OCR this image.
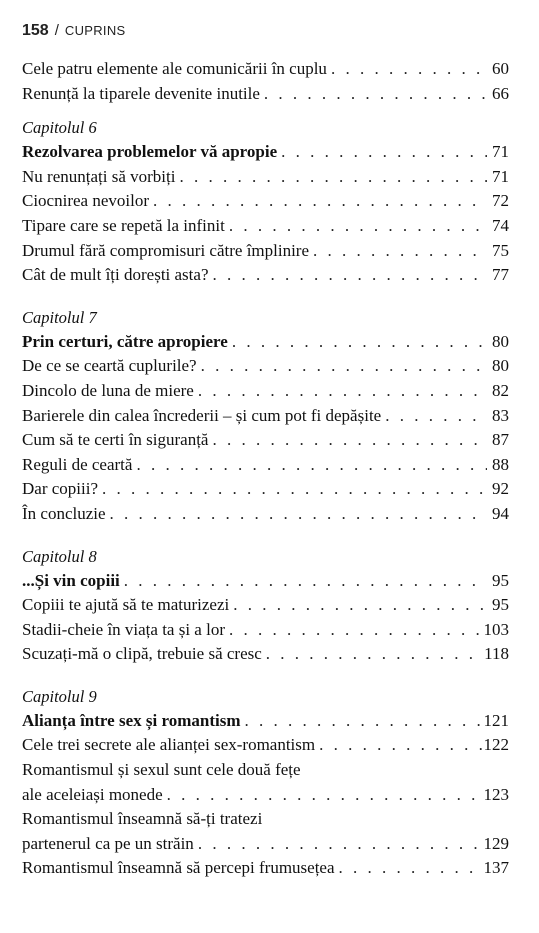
158 / CUPRINS
Cele patru elemente ale comunicării în cuplu . . .	60
Renunță la tiparele devenite inutile . . .	66
Capitolul 6
Rezolvarea problemelor vă apropie . . .	71
Nu renunțați să vorbiți . . .	71
Ciocnirea nevoilor . . .	72
Tipare care se repetă la infinit . . .	74
Drumul fără compromisuri către împlinire . . .	75
Cât de mult îți dorești asta? . . .	77
Capitolul 7
Prin certuri, către apropiere . . .	80
De ce se ceartă cuplurile? . . .	80
Dincolo de luna de miere . . .	82
Barierele din calea încrederii – și cum pot fi depășite . . .	83
Cum să te certi în siguranță . . .	87
Reguli de ceartă . . .	88
Dar copiii? . . .	92
În concluzie . . .	94
Capitolul 8
...Și vin copiii . . .	95
Copiii te ajută să te maturizezi . . .	95
Stadii-cheie în viața ta și a lor . . .	103
Scuzați-mă o clipă, trebuie să cresc . . .	118
Capitolul 9
Alianța între sex și romantism . . .	121
Cele trei secrete ale alianței sex-romantism . . .	122
Romantismul și sexul sunt cele două fețe
ale aceleiași monede . . .	123
Romantismul înseamnă să-ți tratezi
partenerul ca pe un străin . . .	129
Romantismul înseamnă să percepi frumusețea . . .	137
